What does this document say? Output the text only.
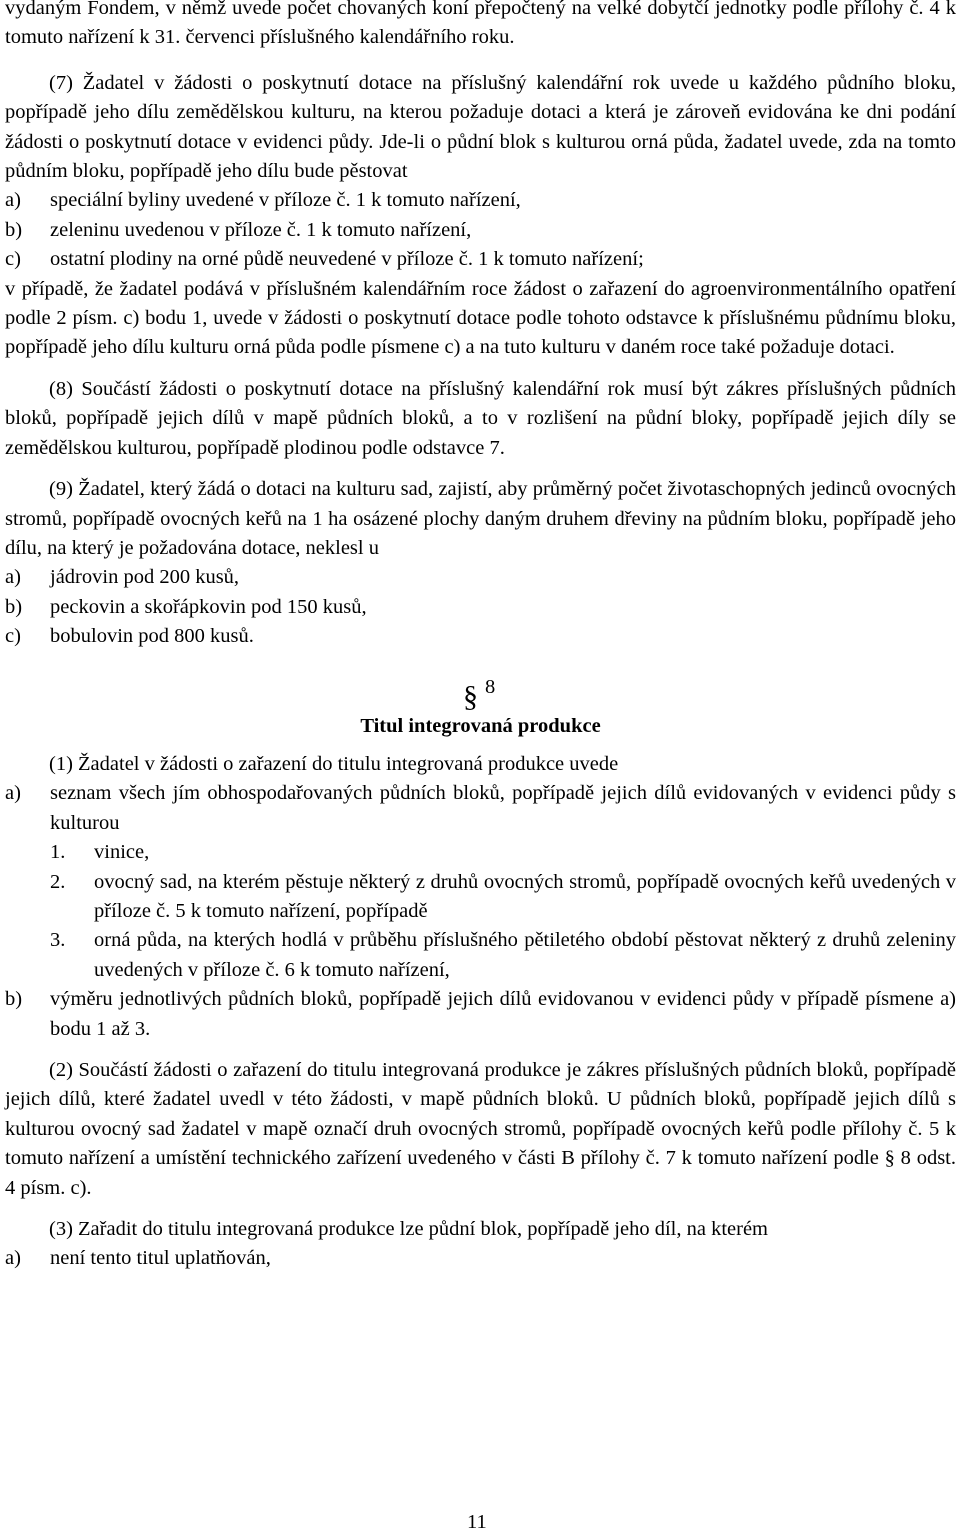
vydaným Fondem, v němž uvede počet chovaných koní přepočtený na velké dobytčí jednotky podle přílohy č. 4 k tomuto nařízení k 31. červenci příslušného kalendářního roku.

(7) Žadatel v žádosti o poskytnutí dotace na příslušný kalendářní rok uvede u každého půdního bloku, popřípadě jeho dílu zemědělskou kulturu, na kterou požaduje dotaci a která je zároveň evidována ke dni podání žádosti o poskytnutí dotace v evidenci půdy. Jde-li o půdní blok s kulturou orná půda, žadatel uvede, zda na tomto půdním bloku, popřípadě jeho dílu bude pěstovat

a)	speciální byliny uvedené v příloze č. 1 k tomuto nařízení,
b)	zeleninu uvedenou v příloze č. 1 k tomuto nařízení,
c)	ostatní plodiny na orné půdě neuvedené v příloze č. 1 k tomuto nařízení;

v případě, že žadatel podává v příslušném kalendářním roce žádost o zařazení do agroenvironmentálního opatření podle 2 písm. c) bodu 1, uvede v žádosti o poskytnutí dotace podle tohoto odstavce k příslušnému půdnímu bloku, popřípadě jeho dílu kulturu orná půda podle písmene c) a na tuto kulturu v daném roce také požaduje dotaci.

(8) Součástí žádosti o poskytnutí dotace na příslušný kalendářní rok musí být zákres příslušných půdních bloků, popřípadě jejich dílů v mapě půdních bloků, a to v rozlišení na půdní bloky, popřípadě jejich díly se zemědělskou kulturou, popřípadě plodinou podle odstavce 7.

(9) Žadatel, který žádá o dotaci na kulturu sad, zajistí, aby průměrný počet životaschopných jedinců ovocných stromů, popřípadě ovocných keřů na 1 ha osázené plochy daným druhem dřeviny na půdním bloku, popřípadě jeho dílu, na který je požadována dotace, neklesl u

a)	jádrovin pod 200 kusů,
b)	peckovin a skořápkovin pod 150 kusů,
c)	bobulovin pod 800 kusů.
§ 8

Titul integrovaná produkce

(1) Žadatel v žádosti o zařazení do titulu integrovaná produkce uvede

a)	seznam všech jím obhospodařovaných půdních bloků, popřípadě jejich dílů evidovaných v evidenci půdy s kulturou
1.	vinice,
2.	ovocný sad, na kterém pěstuje některý z druhů ovocných stromů, popřípadě ovocných keřů uvedených v příloze č. 5 k tomuto nařízení, popřípadě
3.	orná půda, na kterých hodlá v průběhu příslušného pětiletého období pěstovat některý z druhů zeleniny uvedených v příloze č. 6 k tomuto nařízení,
b)	výměru jednotlivých půdních bloků, popřípadě jejich dílů evidovanou v evidenci půdy v případě písmene a) bodu 1 až 3.

(2) Součástí žádosti o zařazení do titulu integrovaná produkce je zákres příslušných půdních bloků, popřípadě jejich dílů, které žadatel uvedl v této žádosti, v mapě půdních bloků. U půdních bloků, popřípadě jejich dílů s kulturou ovocný sad žadatel v mapě označí druh ovocných stromů, popřípadě ovocných keřů podle přílohy č. 5 k tomuto nařízení a umístění technického zařízení uvedeného v části B přílohy č. 7 k tomuto nařízení podle § 8 odst. 4 písm. c).

(3) Zařadit do titulu integrovaná produkce lze půdní blok, popřípadě jeho díl, na kterém

a)	není tento titul uplatňován,
11
